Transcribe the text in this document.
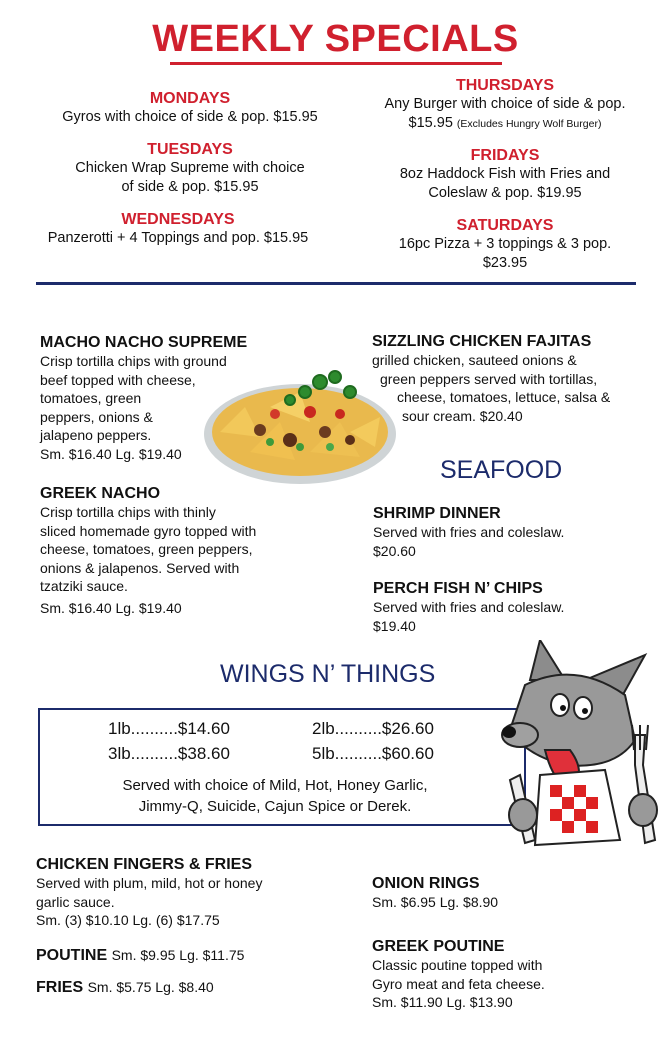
WEEKLY SPECIALS
MONDAYS
Gyros with choice of side & pop. $15.95
TUESDAYS
Chicken Wrap Supreme with choice
of side & pop. $15.95
WEDNESDAYS
Panzerotti + 4 Toppings and pop. $15.95
THURSDAYS
Any Burger with choice of side & pop.
$15.95 (Excludes Hungry Wolf Burger)
FRIDAYS
8oz Haddock Fish with Fries and
Coleslaw & pop. $19.95
SATURDAYS
16pc Pizza + 3 toppings & 3 pop.
$23.95
MACHO NACHO SUPREME
Crisp tortilla chips with ground
beef topped with cheese,
tomatoes, green
peppers, onions &
jalapeno peppers.
Sm. $16.40 Lg. $19.40
GREEK NACHO
Crisp tortilla chips with thinly
sliced homemade gyro topped with
cheese, tomatoes, green peppers,
onions & jalapenos. Served with
tzatziki sauce.
Sm. $16.40 Lg. $19.40
SIZZLING CHICKEN FAJITAS
grilled chicken, sauteed onions &
green peppers served with tortillas,
cheese, tomatoes, lettuce, salsa &
sour cream. $20.40
SEAFOOD
SHRIMP DINNER
Served with fries and coleslaw.
$20.60
PERCH FISH N’ CHIPS
Served with fries and coleslaw.
$19.40
WINGS N’ THINGS
1lb..........$14.60	2lb..........$26.60
3lb..........$38.60	5lb..........$60.60
Served with choice of Mild, Hot, Honey Garlic,
Jimmy-Q, Suicide, Cajun Spice or Derek.
CHICKEN FINGERS & FRIES
Served with plum, mild, hot or honey
garlic sauce.
Sm. (3) $10.10 Lg. (6) $17.75
POUTINE Sm. $9.95 Lg. $11.75
FRIES Sm. $5.75 Lg. $8.40
ONION RINGS
Sm. $6.95 Lg. $8.90
GREEK POUTINE
Classic poutine topped with
Gyro meat and feta cheese.
Sm. $11.90 Lg. $13.90
